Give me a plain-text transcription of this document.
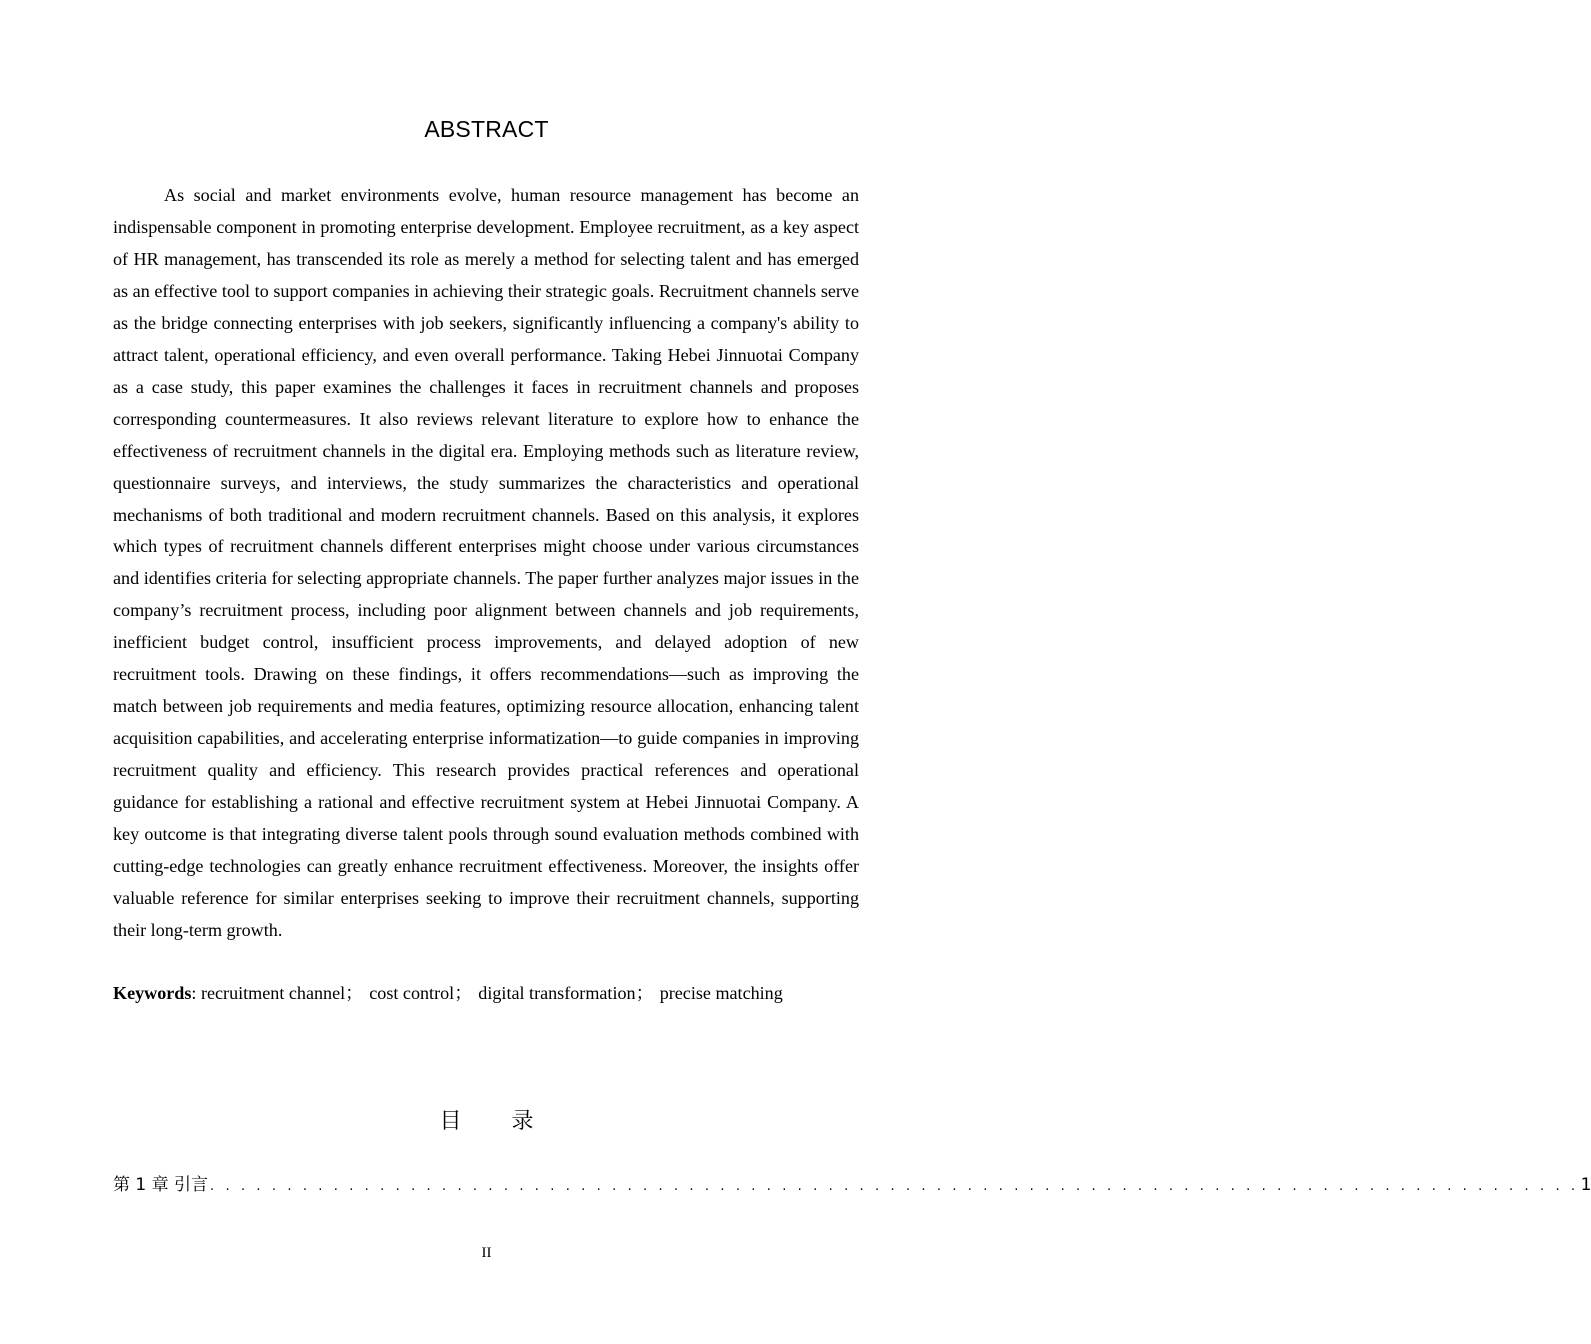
ABSTRACT

As social and market environments evolve, human resource management has become an indispensable component in promoting enterprise development. Employee recruitment, as a key aspect of HR management, has transcended its role as merely a method for selecting talent and has emerged as an effective tool to support companies in achieving their strategic goals. Recruitment channels serve as the bridge connecting enterprises with job seekers, significantly influencing a company's ability to attract talent, operational efficiency, and even overall performance. Taking Hebei Jinnuotai Company as a case study, this paper examines the challenges it faces in recruitment channels and proposes corresponding countermeasures. It also reviews relevant literature to explore how to enhance the effectiveness of recruitment channels in the digital era. Employing methods such as literature review, questionnaire surveys, and interviews, the study summarizes the characteristics and operational mechanisms of both traditional and modern recruitment channels. Based on this analysis, it explores which types of recruitment channels different enterprises might choose under various circumstances and identifies criteria for selecting appropriate channels. The paper further analyzes major issues in the company’s recruitment process, including poor alignment between channels and job requirements, inefficient budget control, insufficient process improvements, and delayed adoption of new recruitment tools. Drawing on these findings, it offers recommendations—such as improving the match between job requirements and media features, optimizing resource allocation, enhancing talent acquisition capabilities, and accelerating enterprise informatization—to guide companies in improving recruitment quality and efficiency. This research provides practical references and operational guidance for establishing a rational and effective recruitment system at Hebei Jinnuotai Company. A key outcome is that integrating diverse talent pools through sound evaluation methods combined with cutting-edge technologies can greatly enhance recruitment effectiveness. Moreover, the insights offer valuable reference for similar enterprises seeking to improve their recruitment channels, supporting their long-term growth.

Keywords: recruitment channel； cost control； digital transformation； precise matching

目录
第 1 章 引言 . . . . . . . . . . . . . . . . . . . . . . . . . . . . . . . . . . . . . . . . . . . . . . . . . . . . . . . . . . . . . . . . . . . . . . . . . . . . . . . . . . . . . . . . . 1
II
